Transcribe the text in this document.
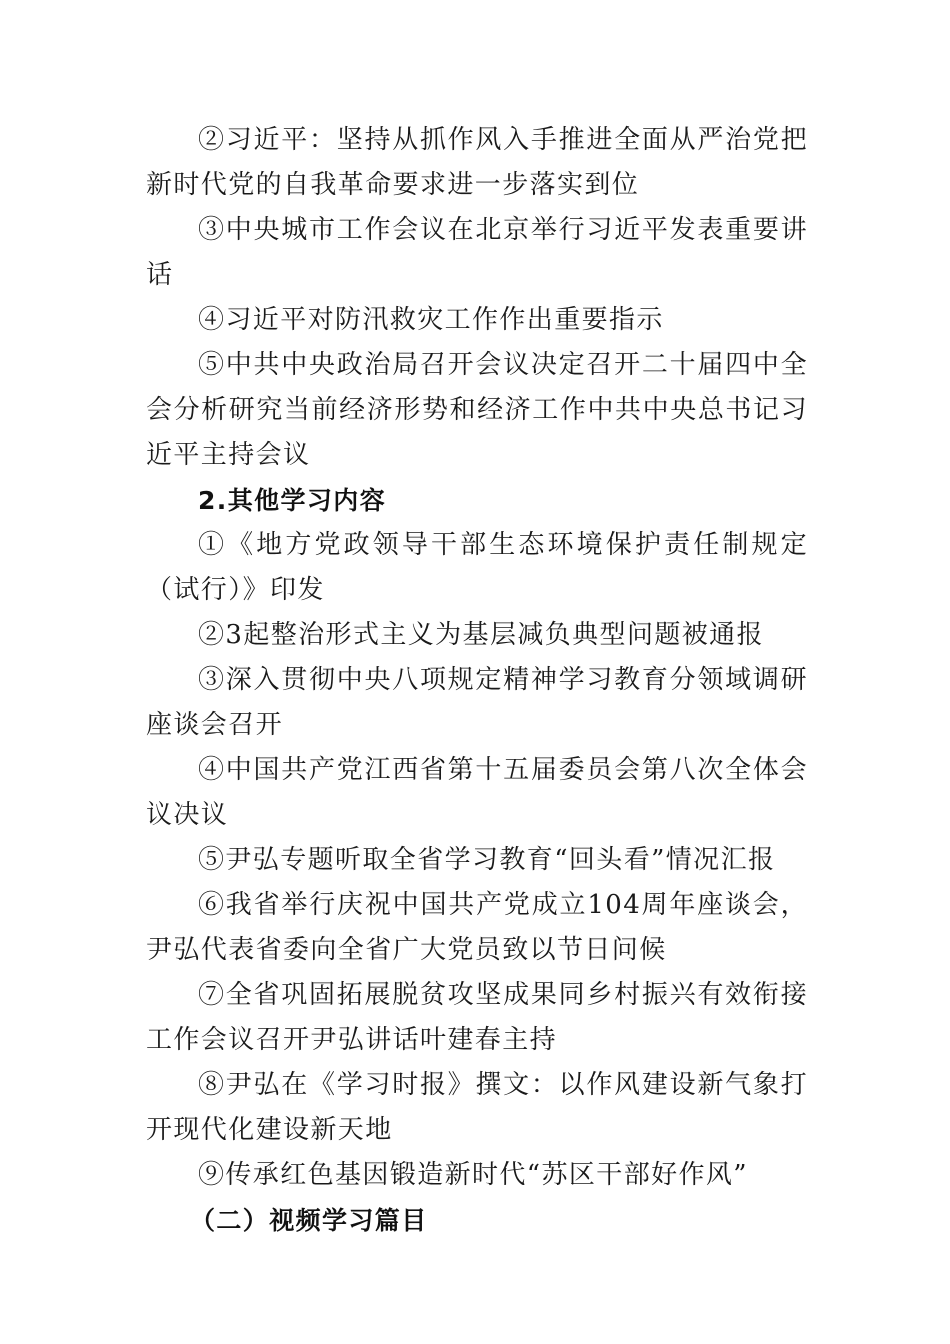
②习近平：坚持从抓作风入手推进全面从严治党把新时代党的自我革命要求进一步落实到位

③中央城市工作会议在北京举行习近平发表重要讲话

④习近平对防汛救灾工作作出重要指示

⑤中共中央政治局召开会议决定召开二十届四中全会分析研究当前经济形势和经济工作中共中央总书记习近平主持会议

2.其他学习内容

①《地方党政领导干部生态环境保护责任制规定（试行）》印发

②3起整治形式主义为基层减负典型问题被通报

③深入贯彻中央八项规定精神学习教育分领域调研座谈会召开

④中国共产党江西省第十五届委员会第八次全体会议决议

⑤尹弘专题听取全省学习教育“回头看”情况汇报

⑥我省举行庆祝中国共产党成立104周年座谈会，尹弘代表省委向全省广大党员致以节日问候

⑦全省巩固拓展脱贫攻坚成果同乡村振兴有效衔接工作会议召开尹弘讲话叶建春主持

⑧尹弘在《学习时报》撰文：以作风建设新气象打开现代化建设新天地

⑨传承红色基因锻造新时代“苏区干部好作风”

（二）视频学习篇目
